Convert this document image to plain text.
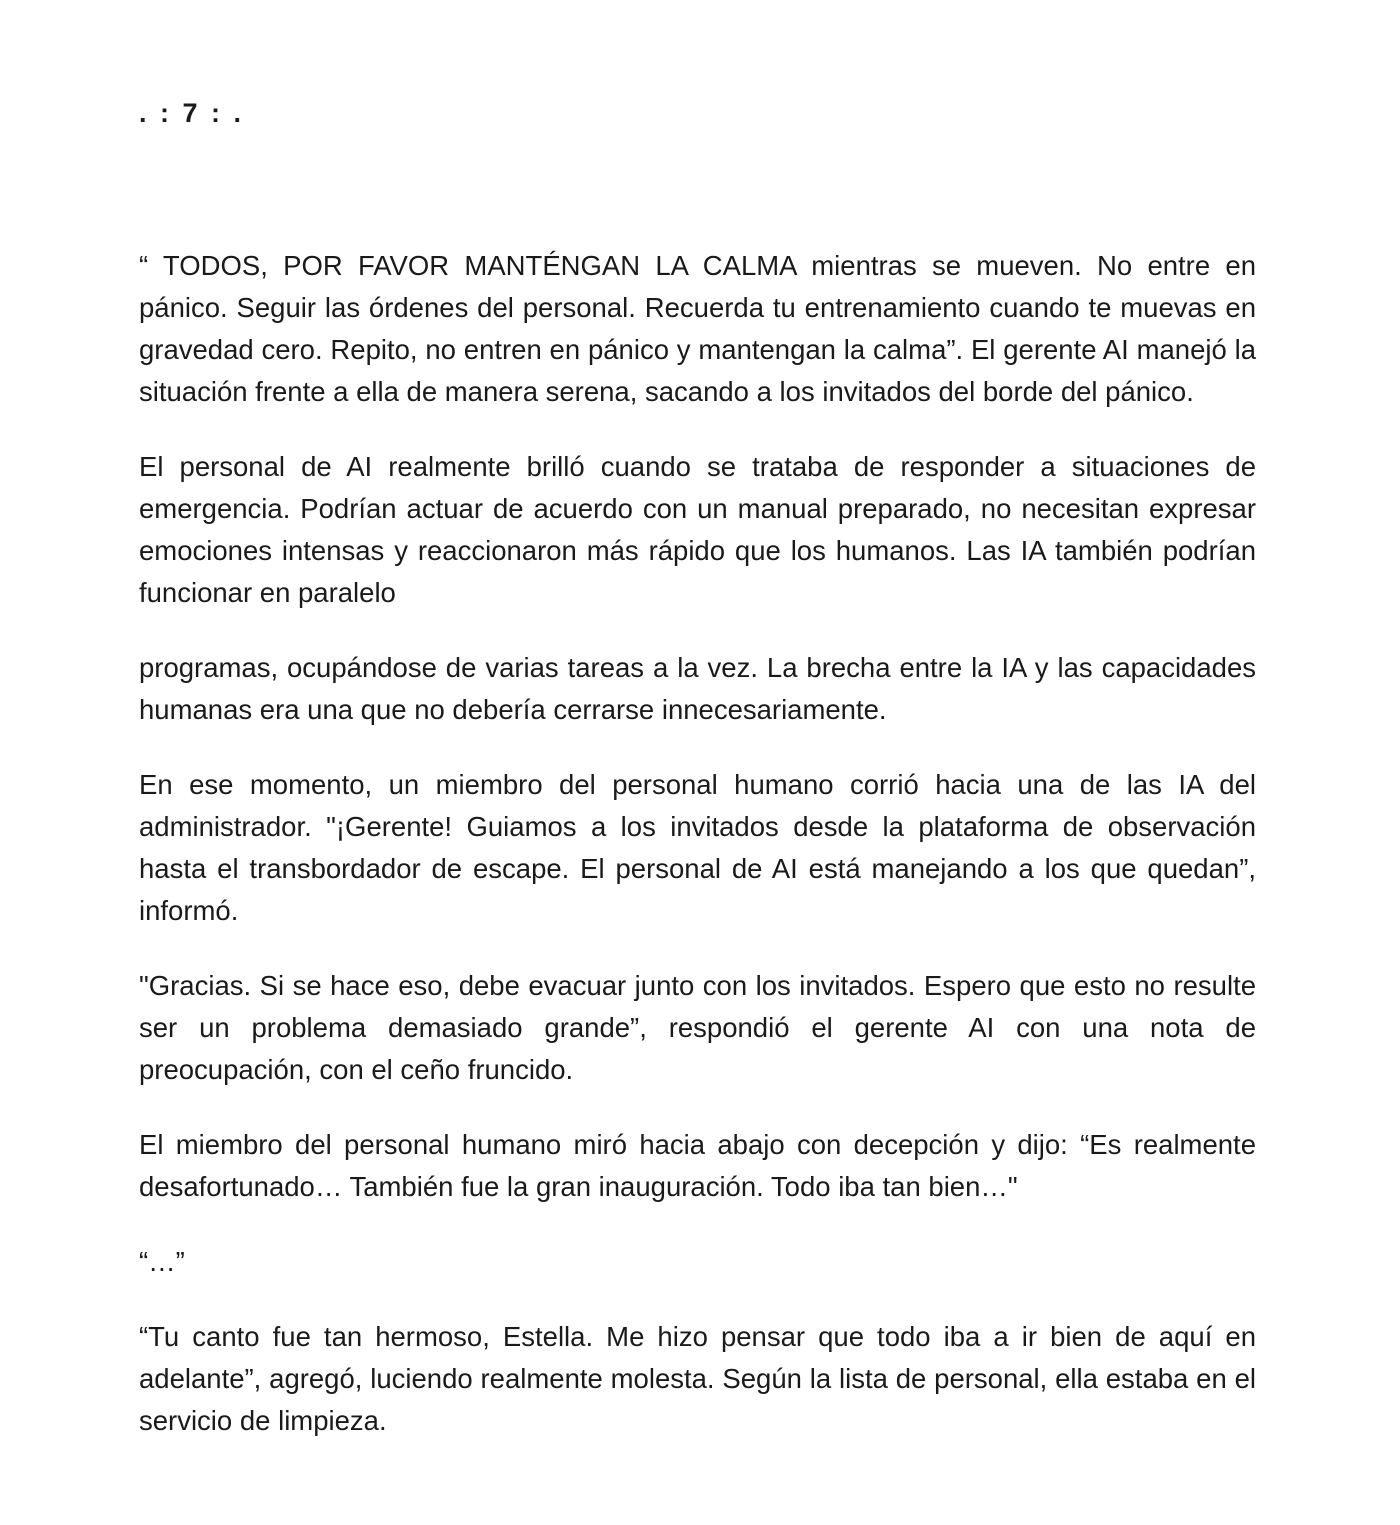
. : 7 : .

“ TODOS, POR FAVOR MANTÉNGAN LA CALMA mientras se mueven. No entre en pánico. Seguir las órdenes del personal. Recuerda tu entrenamiento cuando te muevas en gravedad cero. Repito, no entren en pánico y mantengan la calma”. El gerente AI manejó la situación frente a ella de manera serena, sacando a los invitados del borde del pánico.

El personal de AI realmente brilló cuando se trataba de responder a situaciones de emergencia. Podrían actuar de acuerdo con un manual preparado, no necesitan expresar emociones intensas y reaccionaron más rápido que los humanos. Las IA también podrían funcionar en paralelo

programas, ocupándose de varias tareas a la vez. La brecha entre la IA y las capacidades humanas era una que no debería cerrarse innecesariamente.

En ese momento, un miembro del personal humano corrió hacia una de las IA del administrador. "¡Gerente! Guiamos a los invitados desde la plataforma de observación hasta el transbordador de escape. El personal de AI está manejando a los que quedan”, informó.

"Gracias. Si se hace eso, debe evacuar junto con los invitados. Espero que esto no resulte ser un problema demasiado grande”, respondió el gerente AI con una nota de preocupación, con el ceño fruncido.

El miembro del personal humano miró hacia abajo con decepción y dijo: “Es realmente desafortunado… También fue la gran inauguración. Todo iba tan bien…"

“…”

“Tu canto fue tan hermoso, Estella. Me hizo pensar que todo iba a ir bien de aquí en adelante”, agregó, luciendo realmente molesta. Según la lista de personal, ella estaba en el servicio de limpieza.
